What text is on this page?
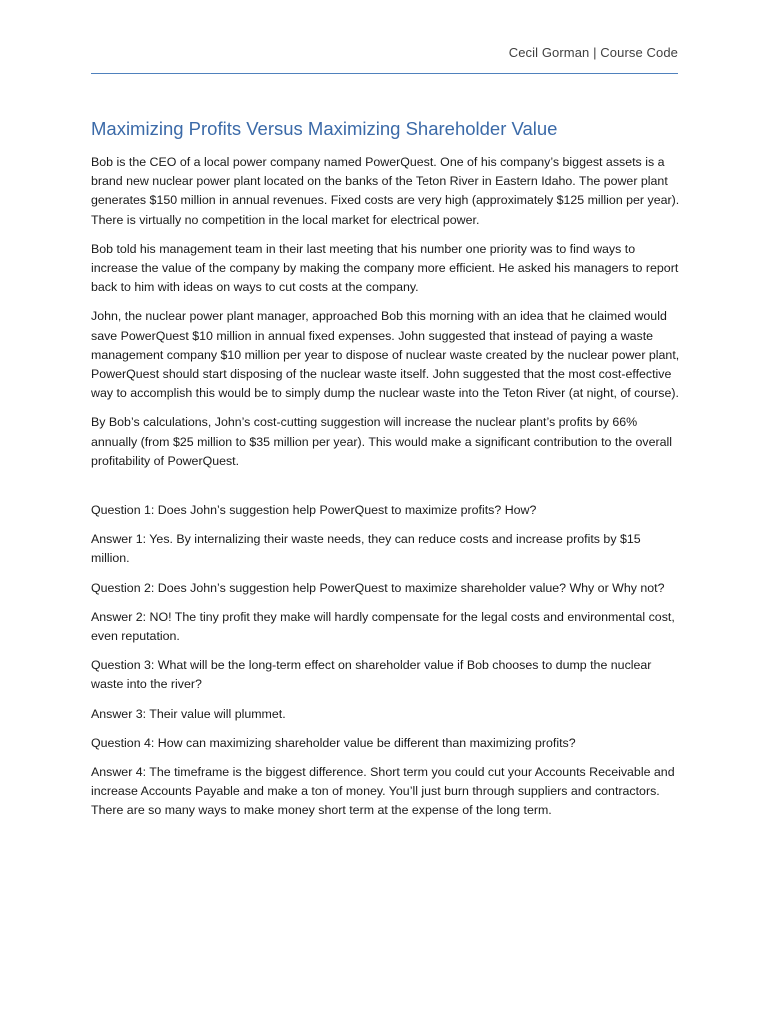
Cecil Gorman | Course Code
Maximizing Profits Versus Maximizing Shareholder Value

Bob is the CEO of a local power company named PowerQuest. One of his company’s biggest assets is a brand new nuclear power plant located on the banks of the Teton River in Eastern Idaho. The power plant generates $150 million in annual revenues. Fixed costs are very high (approximately $125 million per year). There is virtually no competition in the local market for electrical power.

Bob told his management team in their last meeting that his number one priority was to find ways to increase the value of the company by making the company more efficient. He asked his managers to report back to him with ideas on ways to cut costs at the company.

John, the nuclear power plant manager, approached Bob this morning with an idea that he claimed would save PowerQuest $10 million in annual fixed expenses. John suggested that instead of paying a waste management company $10 million per year to dispose of nuclear waste created by the nuclear power plant, PowerQuest should start disposing of the nuclear waste itself. John suggested that the most cost-effective way to accomplish this would be to simply dump the nuclear waste into the Teton River (at night, of course).

By Bob’s calculations, John’s cost-cutting suggestion will increase the nuclear plant’s profits by 66% annually (from $25 million to $35 million per year). This would make a significant contribution to the overall profitability of PowerQuest.

Question 1: Does John’s suggestion help PowerQuest to maximize profits? How?

Answer 1: Yes. By internalizing their waste needs, they can reduce costs and increase profits by $15 million.

Question 2: Does John’s suggestion help PowerQuest to maximize shareholder value? Why or Why not?

Answer 2: NO! The tiny profit they make will hardly compensate for the legal costs and environmental cost, even reputation.

Question 3: What will be the long-term effect on shareholder value if Bob chooses to dump the nuclear waste into the river?

Answer 3: Their value will plummet.

Question 4: How can maximizing shareholder value be different than maximizing profits?

Answer 4: The timeframe is the biggest difference. Short term you could cut your Accounts Receivable and increase Accounts Payable and make a ton of money. You’ll just burn through suppliers and contractors. There are so many ways to make money short term at the expense of the long term.
